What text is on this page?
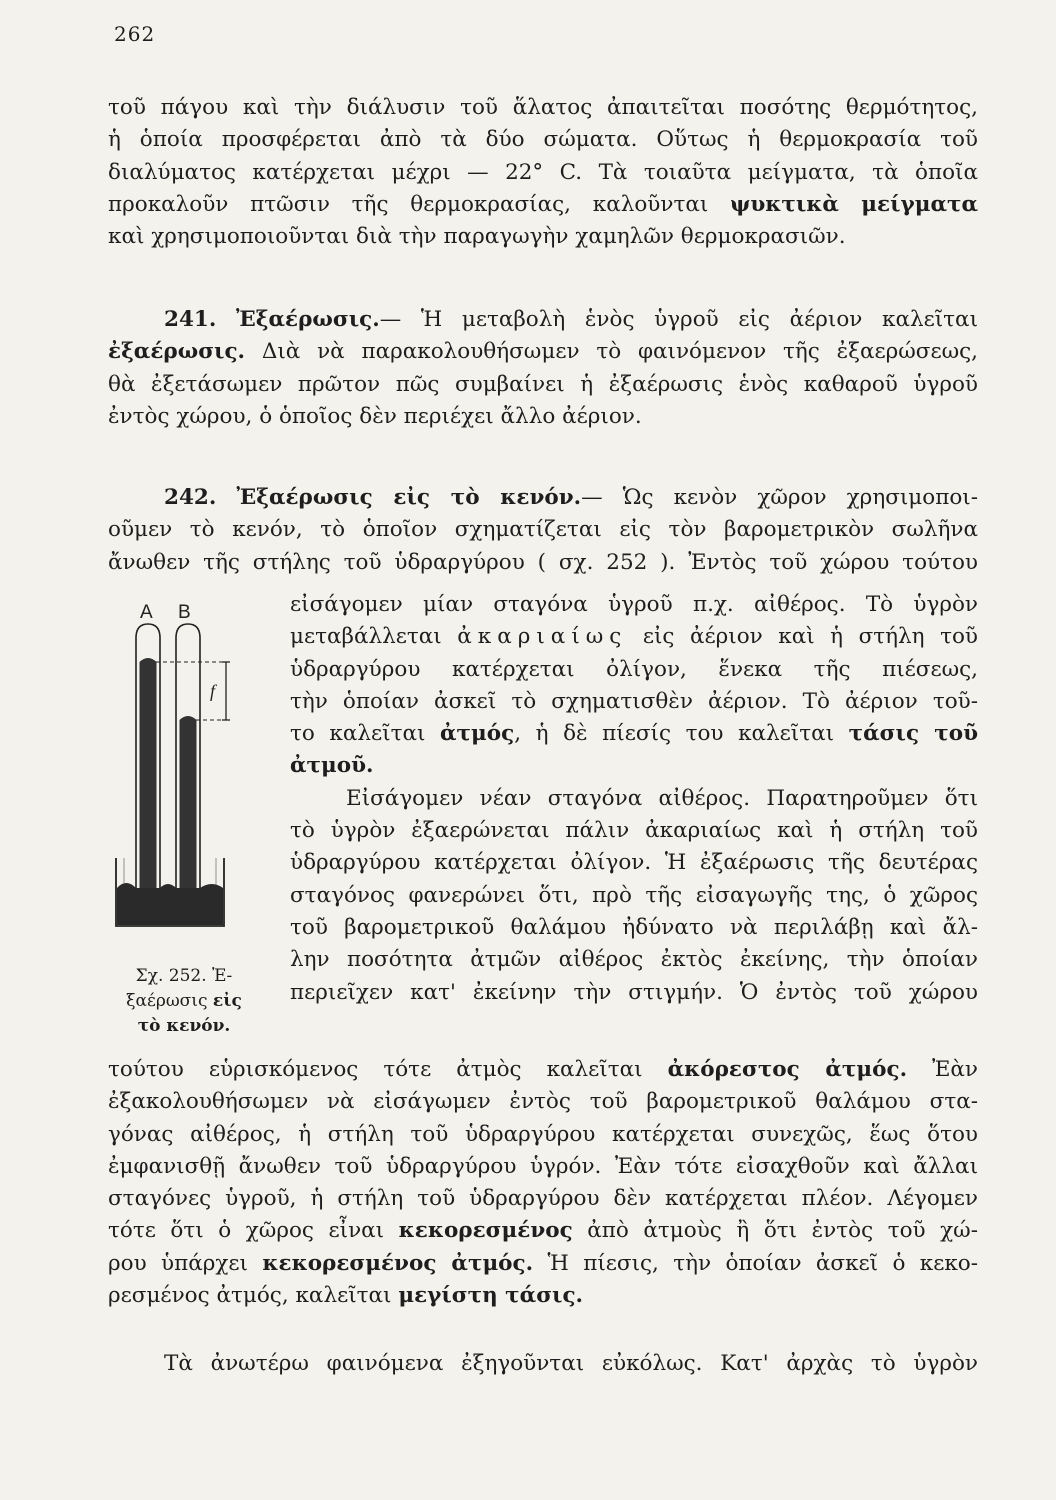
262
τοῦ πάγου καὶ τὴν διάλυσιν τοῦ ἅλατος ἀπαιτεῖται ποσότης θερμότητος,
ἡ ὁποία προσφέρεται ἀπὸ τὰ δύο σώματα. Οὕτως ἡ θερμοκρασία τοῦ
διαλύματος κατέρχεται μέχρι — 22° C. Τὰ τοιαῦτα μείγματα, τὰ ὁποῖα
προκαλοῦν πτῶσιν τῆς θερμοκρασίας, καλοῦνται ψυκτικὰ μείγματα
καὶ χρησιμοποιοῦνται διὰ τὴν παραγωγὴν χαμηλῶν θερμοκρασιῶν.
241. Ἐξαέρωσις.— Ἡ μεταβολὴ ἑνὸς ὑγροῦ εἰς ἀέριον καλεῖται
ἐξαέρωσις. Διὰ νὰ παρακολουθήσωμεν τὸ φαινόμενον τῆς ἐξαερώσεως,
θὰ ἐξετάσωμεν πρῶτον πῶς συμβαίνει ἡ ἐξαέρωσις ἑνὸς καθαροῦ ὑγροῦ
ἐντὸς χώρου, ὁ ὁποῖος δὲν περιέχει ἄλλο ἀέριον.
242. Ἐξαέρωσις εἰς τὸ κενόν.— Ὡς κενὸν χῶρον χρησιμοποι-
οῦμεν τὸ κενόν, τὸ ὁποῖον σχηματίζεται εἰς τὸν βαρομετρικὸν σωλῆνα
ἄνωθεν τῆς στήλης τοῦ ὑδραργύρου ( σχ. 252 ). Ἐντὸς τοῦ χώρου τούτου
εἰσάγομεν μίαν σταγόνα ὑγροῦ π.χ. αἰθέρος. Τὸ ὑγρὸν
μεταβάλλεται ἀκαριαίως εἰς ἀέριον καὶ ἡ στήλη τοῦ
ὑδραργύρου κατέρχεται ὀλίγον, ἕνεκα τῆς πιέσεως,
τὴν ὁποίαν ἀσκεῖ τὸ σχηματισθὲν ἀέριον. Τὸ ἀέριον τοῦ-
το καλεῖται ἀτμός, ἡ δὲ πίεσίς του καλεῖται τάσις τοῦ
ἀτμοῦ.
Εἰσάγομεν νέαν σταγόνα αἰθέρος. Παρατηροῦμεν ὅτι
τὸ ὑγρὸν ἐξαερώνεται πάλιν ἀκαριαίως καὶ ἡ στήλη τοῦ
ὑδραργύρου κατέρχεται ὀλίγον. Ἡ ἐξαέρωσις τῆς δευτέρας
σταγόνος φανερώνει ὅτι, πρὸ τῆς εἰσαγωγῆς της, ὁ χῶρος
τοῦ βαρομετρικοῦ θαλάμου ἠδύνατο νὰ περιλάβῃ καὶ ἄλ-
λην ποσότητα ἀτμῶν αἰθέρος ἐκτὸς ἐκείνης, τὴν ὁποίαν
περιεῖχεν κατ' ἐκείνην τὴν στιγμήν. Ὁ ἐντὸς τοῦ χώρου
A B
f
Σχ. 252. Ἐ-
ξαέρωσις εἰς
τὸ κενόν.
τούτου εὑρισκόμενος τότε ἀτμὸς καλεῖται ἀκόρεστος ἀτμός. Ἐὰν
ἐξακολουθήσωμεν νὰ εἰσάγωμεν ἐντὸς τοῦ βαρομετρικοῦ θαλάμου στα-
γόνας αἰθέρος, ἡ στήλη τοῦ ὑδραργύρου κατέρχεται συνεχῶς, ἕως ὅτου
ἐμφανισθῇ ἄνωθεν τοῦ ὑδραργύρου ὑγρόν. Ἐὰν τότε εἰσαχθοῦν καὶ ἄλλαι
σταγόνες ὑγροῦ, ἡ στήλη τοῦ ὑδραργύρου δὲν κατέρχεται πλέον. Λέγομεν
τότε ὅτι ὁ χῶρος εἶναι κεκορεσμένος ἀπὸ ἀτμοὺς ἢ ὅτι ἐντὸς τοῦ χώ-
ρου ὑπάρχει κεκορεσμένος ἀτμός. Ἡ πίεσις, τὴν ὁποίαν ἀσκεῖ ὁ κεκο-
ρεσμένος ἀτμός, καλεῖται μεγίστη τάσις.
Τὰ ἀνωτέρω φαινόμενα ἐξηγοῦνται εὐκόλως. Κατ' ἀρχὰς τὸ ὑγρὸν
